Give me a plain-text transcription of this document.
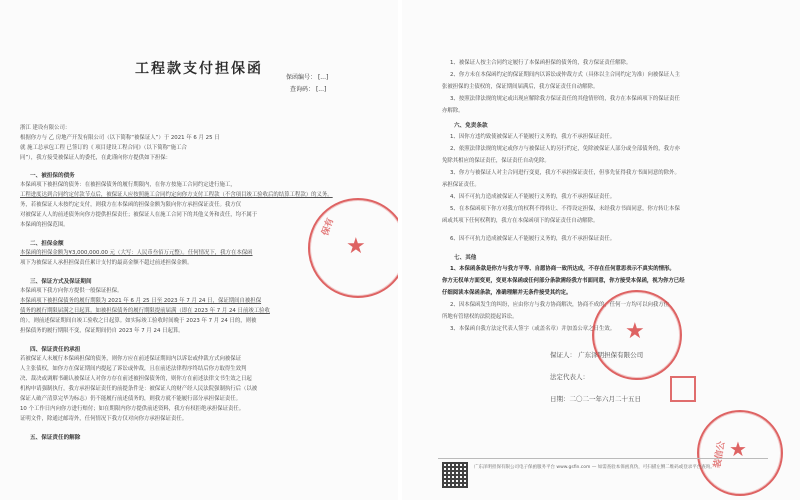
工程款支付担保函
保函编号： [...]
查询码： [...]
浙江 建设有限公司：
根据你方与 乙 房地产开发有限公司（以下简称“被保证人”）于 2021 年 6 月 25 日
就 施工总承包工程 已签订的《 项目建设工程合同》（以下简称“施工合
同”），我方接受被保证人的委托，在此谨向你方提供如下担保：
一、被担保的债务
本保函项下被担保的债务：在被担保债务的履行期限内，在你方按施工合同约定进行施工，
工程进度达到合同约定付款节点后，被保证人应按照施工合同约定向你方支付工程款（不含项目竣工验收后的结算工程款）的义务。
务，若被保证人未按约定支付，则我方在本保函的担保金额为限向你方承担保证责任。我方仅
对被保证人人的前述债务向你方提供担保责任；被保证人在施工合同下的其他义务和责任，均不属于
本保函的担保范围。
二、担保金额
本保函的担保金额为¥3,000,000.00 元（大写：人民币叁佰万元整）。任何情况下，我方在本保函
项下为被保证人承担担保责任累计支付的最高金额不超过前述担保金额。
三、保证方式及保证期间
本保函项下我方向你方提供一般保证担保。
本保函项下被担保债务的履行期限为 2021 年 6 月 25 日至 2023 年 7 月 24 日，保证期间自被担保
债务的履行期限届满之日起算。如被担保债务的履行期限提前届满（即在 2023 年 7 月 24 日前竣工验收
的），则前述保证期间自竣工验收之日起算。如实际竣工验收时间晚于 2023 年 7 月 24 日的，则被
担保债务的履行期限不变，保证期间仍自 2023 年 7 月 24 日起算。
四、保证责任的承担
若被保证人未履行本保函担保的债务，则你方应在前述保证期间内以诉讼或仲裁方式向被保证
人主张债权，如你方在保证期间内提起了诉讼或仲裁，且在前述法律程序终结后你方取得生效判
决、裁决或调解书确认被保证人对你方存在前述被担保债务的，则你方在前述法律文书生效之日起
机构申请强制执行，我方承担保证责任的前提条件是：被保证人的财产经人民法院强制执行后（以被
保证人破产清算完毕为标志）仍不能履行前述债务的，则我方就不能履行部分承担保证责任。
10 个工作日内向你方进行赔付；如在期限内你方提供前述资料，我方有权拒绝承担保证责任。
证明文件，除通过邮寄外，任何情况下我方仅对向你方承担保证责任。
五、保证责任的解除
保有
★
1、被保证人按主合同约定履行了本保函担保的债务的，我方保证责任解除。
2、你方未在本保函约定的保证期间内以诉讼或仲裁方式（具体以主合同约定为准）向被保证人主
张被担保的主债权的，保证期间届满后，我方保证责任自动解除。
3、按照法律法规的规定或出现应解除我方保证责任的其他情形的，我方在本保函项下的保证责任
亦解除。
六、免责条款
1、因你方违约致使被保证人不能履行义务的，我方不承担保证责任。
2、依照法律法规的规定或你方与被保证人的另行约定，免除被保证人部分或全部债务的，我方亦
免除其相应的保证责任，保证责任自动免除。
3、你方与被保证人对主合同进行变更，我方不承担保证责任，但事先征得我方书面同意的除外。
承担保证责任。
4、因不可抗力造成被保证人不能履行义务的，我方不承担保证责任。
5、在本保函项下你方对我方的权利不得转让、不得设定担保，未经我方书面同意，你方转让本保
函或其项下任何权利的，我方在本保函项下的保证责任自动解除。
6、因不可抗力造成被保证人不能履行义务的，我方不承担保证责任。
七、其他
1、本保函条款是你方与我方平等、自愿协商一致所达成，不存在任何意思表示不真实的情形。
你方无权单方面变更，变更本保函或任何部分条款需经我方书面同意，你方接受本保函，视为你方已经
仔细阅读本保函条款，准确理解并无条件接受其约定。
2、因本保函发生的纠纷，应由你方与我方协商解决，协商不成的，任何一方均可以向我方住
所地有管辖权的法院提起诉讼。
3、本保函自我方法定代表人签字（或盖名章）并加盖公章之日生效。
保证人： 广东泽明担保有限公司
法定代表人：
日期：二〇二一年六月二十五日
★
装信公 ★
广东泽明担保有限公司电子保函服务平台 www.gsfin.com — 如需查验本保函真伪，可扫描左侧二维码或登录平台查询。
